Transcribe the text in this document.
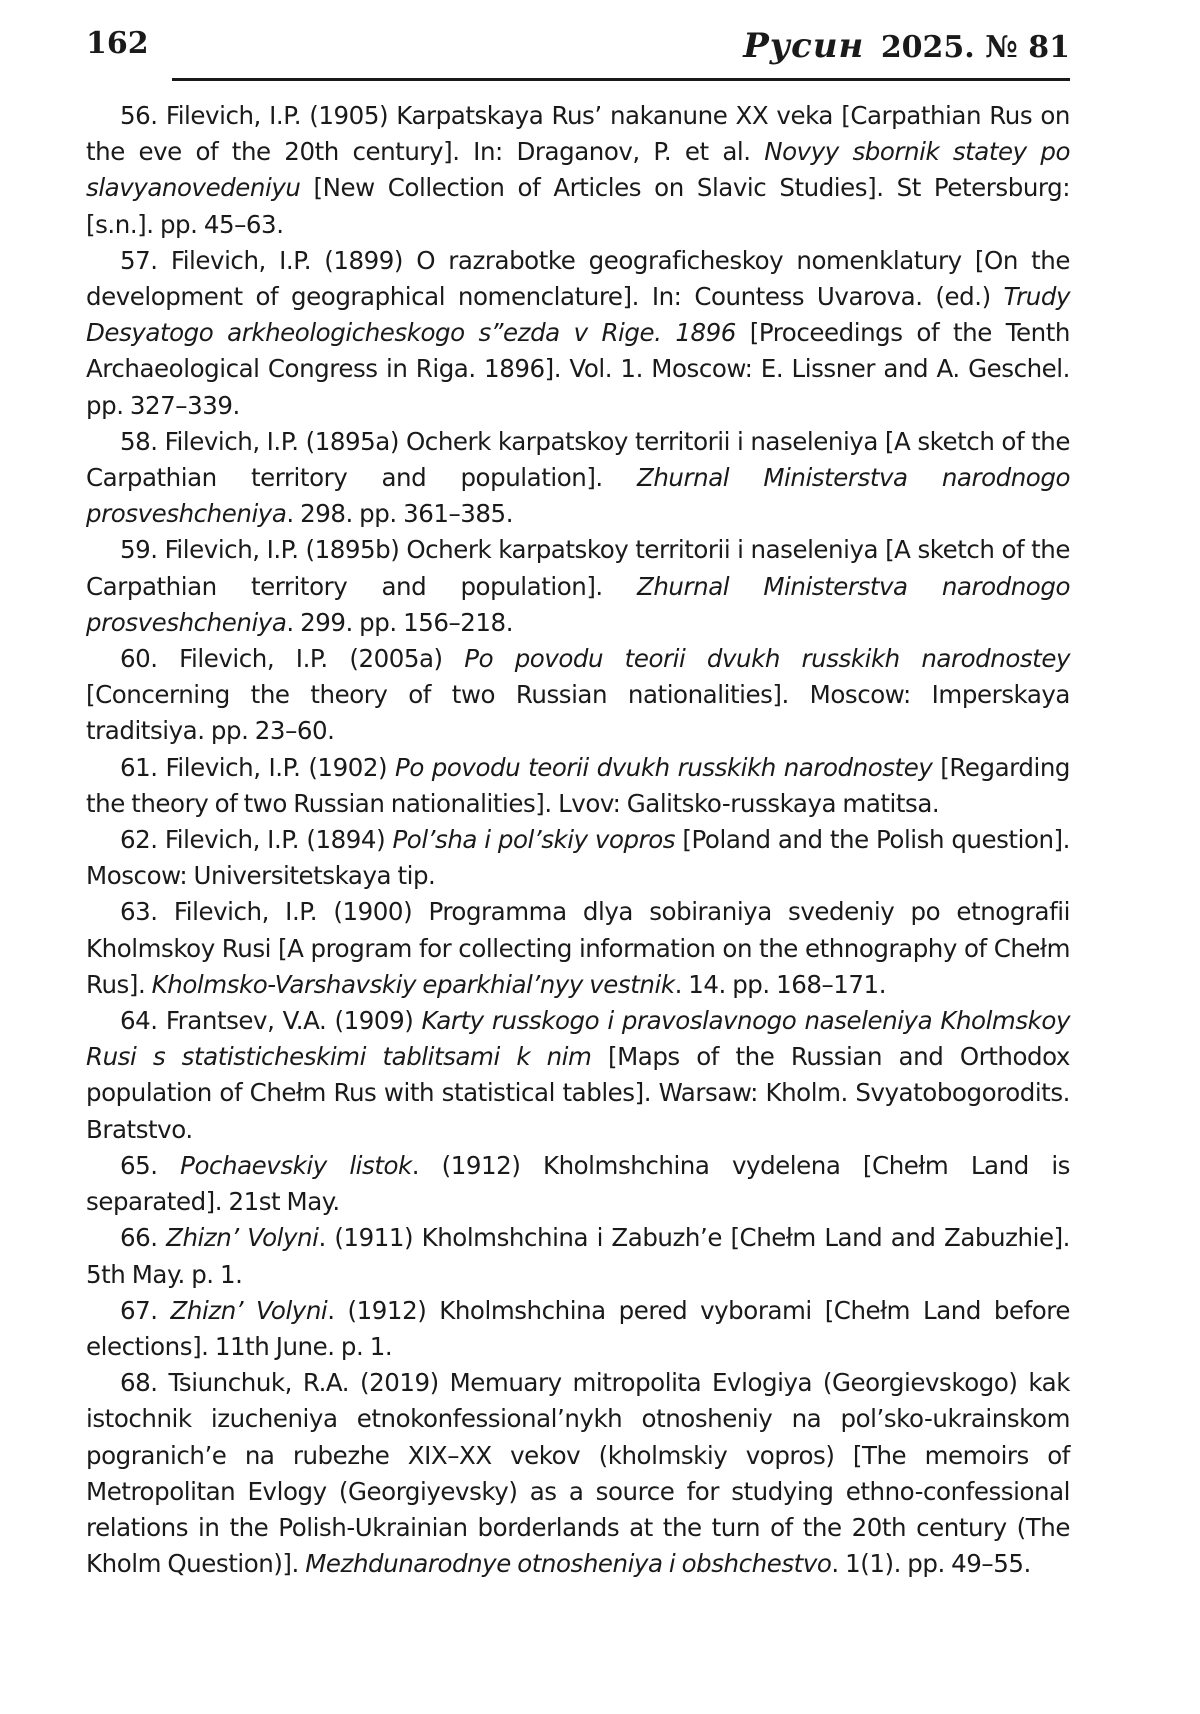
162	Русин 2025. № 81

56. Filevich, I.P. (1905) Karpatskaya Rus’ nakanune XX veka [Carpathian Rus on the eve of the 20th century]. In: Draganov, P. et al. Novyy sbornik statey po slavyanovedeniyu [New Collection of Articles on Slavic Studies]. St Petersburg: [s.n.]. pp. 45–63.

57. Filevich, I.P. (1899) O razrabotke geograficheskoy nomenklatury [On the development of geographical nomenclature]. In: Countess Uvarova. (ed.) Trudy Desyatogo arkheologicheskogo s”ezda v Rige. 1896 [Proceedings of the Tenth Archaeological Congress in Riga. 1896]. Vol. 1. Moscow: E. Lissner and A. Geschel. pp. 327–339.

58. Filevich, I.P. (1895a) Ocherk karpatskoy territorii i naseleniya [A sketch of the Carpathian territory and population]. Zhurnal Ministerstva narodnogo prosveshcheniya. 298. pp. 361–385.

59. Filevich, I.P. (1895b) Ocherk karpatskoy territorii i naseleniya [A sketch of the Carpathian territory and population]. Zhurnal Ministerstva narodnogo prosveshcheniya. 299. pp. 156–218.

60. Filevich, I.P. (2005a) Po povodu teorii dvukh russkikh narodnostey [Concerning the theory of two Russian nationalities]. Moscow: Imperskaya traditsiya. pp. 23–60.

61. Filevich, I.P. (1902) Po povodu teorii dvukh russkikh narodnostey [Regarding the theory of two Russian nationalities]. Lvov: Galitsko-russkaya matitsa.

62. Filevich, I.P. (1894) Pol’sha i pol’skiy vopros [Poland and the Polish question]. Moscow: Universitetskaya tip.

63. Filevich, I.P. (1900) Programma dlya sobiraniya svedeniy po etnografii Kholmskoy Rusi [A program for collecting information on the ethnography of Chełm Rus]. Kholmsko-Varshavskiy eparkhial’nyy vestnik. 14. pp. 168–171.

64. Frantsev, V.A. (1909) Karty russkogo i pravoslavnogo naseleniya Kholmskoy Rusi s statisticheskimi tablitsami k nim [Maps of the Russian and Orthodox population of Chełm Rus with statistical tables]. Warsaw: Kholm. Svyatobogorodits. Bratstvo.

65. Pochaevskiy listok. (1912) Kholmshchina vydelena [Chełm Land is separated]. 21st May.

66. Zhizn’ Volyni. (1911) Kholmshchina i Zabuzh’e [Chełm Land and Zabuzhie]. 5th May. p. 1.

67. Zhizn’ Volyni. (1912) Kholmshchina pered vyborami [Chełm Land before elections]. 11th June. p. 1.

68. Tsiunchuk, R.A. (2019) Memuary mitropolita Evlogiya (Georgievskogo) kak istochnik izucheniya etnokonfessional’nykh otnosheniy na pol’sko-ukrainskom pogranich’e na rubezhe XIX–XX vekov (kholmskiy vopros) [The memoirs of Metropolitan Evlogy (Georgiyevsky) as a source for studying ethno-confessional relations in the Polish-Ukrainian borderlands at the turn of the 20th century (The Kholm Question)]. Mezhdunarodnye otnosheniya i obshchestvo. 1(1). pp. 49–55.
